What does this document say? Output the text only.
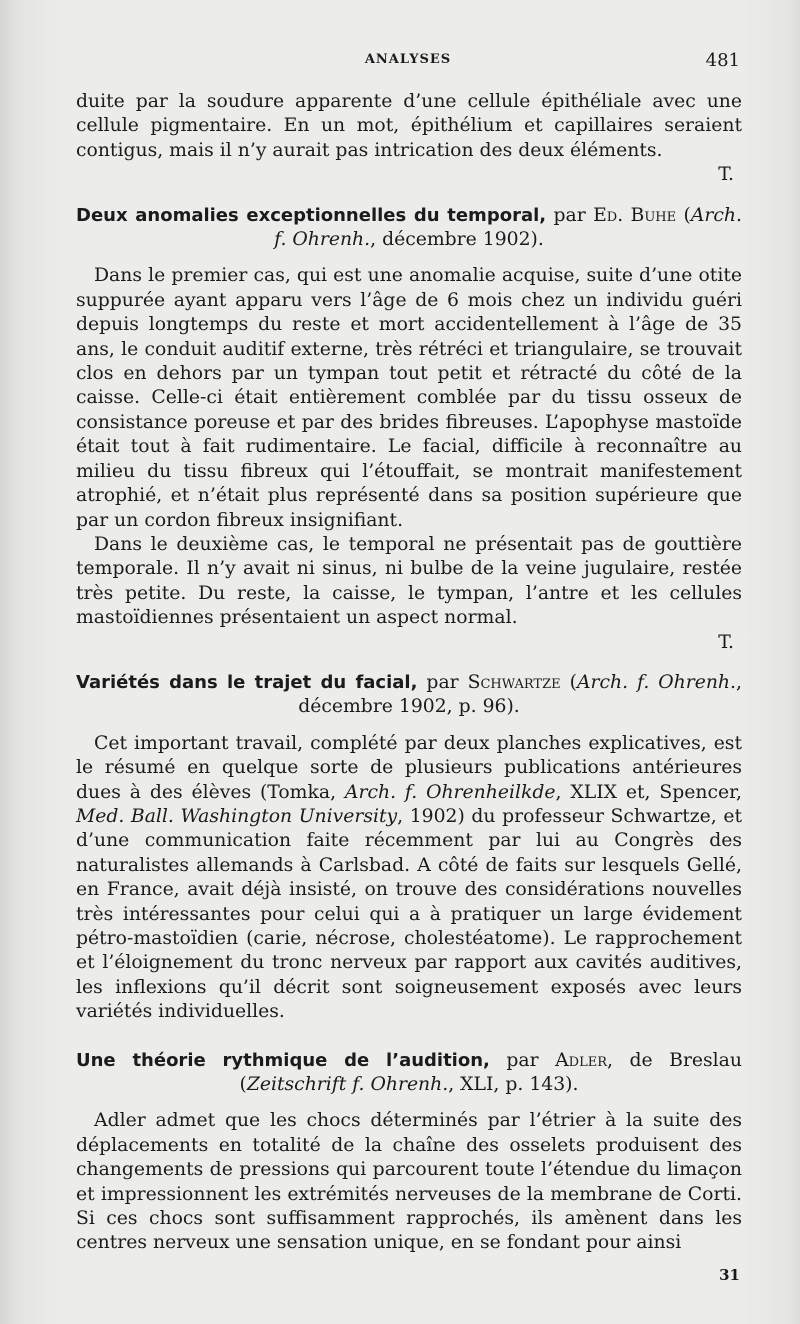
ANALYSES	481

duite par la soudure apparente d’une cellule épithéliale avec une cellule pigmentaire. En un mot, épithélium et capillaires seraient contigus, mais il n’y aurait pas intrication des deux éléments.

T.

Deux anomalies exceptionnelles du temporal, par Ed. Buhe (Arch. f. Ohrenh., décembre 1902).

Dans le premier cas, qui est une anomalie acquise, suite d’une otite suppurée ayant apparu vers l’âge de 6 mois chez un individu guéri depuis longtemps du reste et mort accidentellement à l’âge de 35 ans, le conduit auditif externe, très rétréci et triangulaire, se trouvait clos en dehors par un tympan tout petit et rétracté du côté de la caisse. Celle-ci était entièrement comblée par du tissu osseux de consistance poreuse et par des brides fibreuses. L’apophyse mastoïde était tout à fait rudimentaire. Le facial, difficile à reconnaître au milieu du tissu fibreux qui l’étouffait, se montrait manifestement atrophié, et n’était plus représenté dans sa position supérieure que par un cordon fibreux insignifiant.

Dans le deuxième cas, le temporal ne présentait pas de gouttière temporale. Il n’y avait ni sinus, ni bulbe de la veine jugulaire, restée très petite. Du reste, la caisse, le tympan, l’antre et les cellules mastoïdiennes présentaient un aspect normal.

T.

Variétés dans le trajet du facial, par Schwartze (Arch. f. Ohrenh., décembre 1902, p. 96).

Cet important travail, complété par deux planches explicatives, est le résumé en quelque sorte de plusieurs publications antérieures dues à des élèves (Tomka, Arch. f. Ohrenheilkde, XLIX et, Spencer, Med. Ball. Washington University, 1902) du professeur Schwartze, et d’une communication faite récemment par lui au Congrès des naturalistes allemands à Carlsbad. A côté de faits sur lesquels Gellé, en France, avait déjà insisté, on trouve des considérations nouvelles très intéressantes pour celui qui a à pratiquer un large évidement pétro-mastoïdien (carie, nécrose, cholestéatome). Le rapprochement et l’éloignement du tronc nerveux par rapport aux cavités auditives, les inflexions qu’il décrit sont soigneusement exposés avec leurs variétés individuelles.

Une théorie rythmique de l’audition, par Adler, de Breslau (Zeitschrift f. Ohrenh., XLI, p. 143).

Adler admet que les chocs déterminés par l’étrier à la suite des déplacements en totalité de la chaîne des osselets produisent des changements de pressions qui parcourent toute l’étendue du limaçon et impressionnent les extrémités nerveuses de la membrane de Corti. Si ces chocs sont suffisamment rapprochés, ils amènent dans les centres nerveux une sensation unique, en se fondant pour ainsi

31
